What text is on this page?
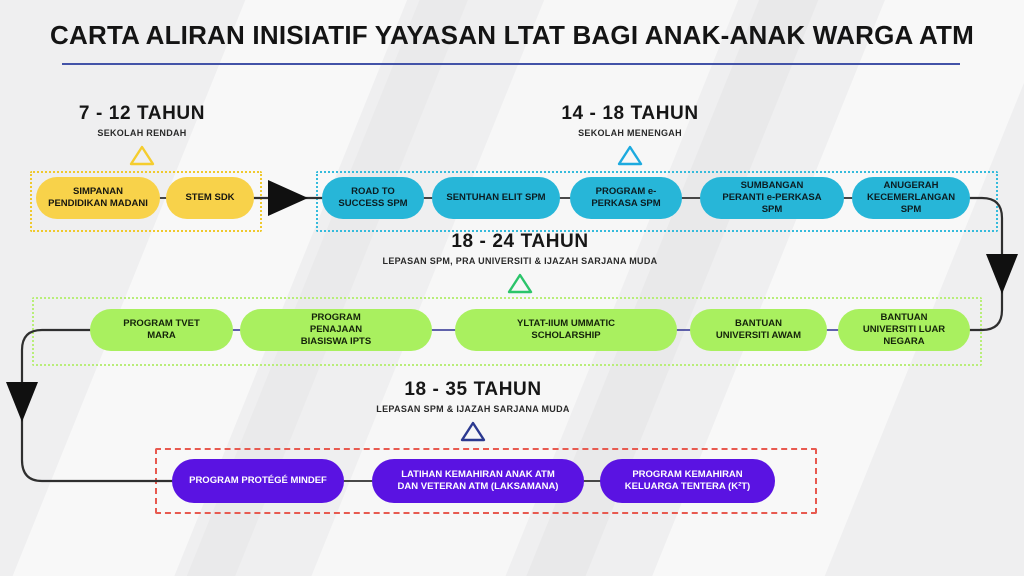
CARTA ALIRAN INISIATIF YAYASAN LTAT BAGI ANAK-ANAK WARGA ATM
7 - 12 TAHUN
SEKOLAH RENDAH
14 - 18 TAHUN
SEKOLAH MENENGAH
18 - 24 TAHUN
LEPASAN SPM, PRA UNIVERSITI & IJAZAH SARJANA MUDA
18 - 35 TAHUN
LEPASAN SPM & IJAZAH SARJANA MUDA
SIMPANAN PENDIDIKAN MADANI
STEM SDK
ROAD TO SUCCESS SPM
SENTUHAN ELIT SPM
PROGRAM e-PERKASA SPM
SUMBANGAN PERANTI e-PERKASA SPM
ANUGERAH KECEMERLANGAN SPM
PROGRAM TVET MARA
PROGRAM PENAJAAN BIASISWA IPTS
YLTAT-IIUM UMMATIC SCHOLARSHIP
BANTUAN UNIVERSITI AWAM
BANTUAN UNIVERSITI LUAR NEGARA
PROGRAM PROTÉGÉ MINDEF
LATIHAN KEMAHIRAN ANAK ATM DAN VETERAN ATM (LAKSAMANA)
PROGRAM KEMAHIRAN KELUARGA TENTERA (K²T)
